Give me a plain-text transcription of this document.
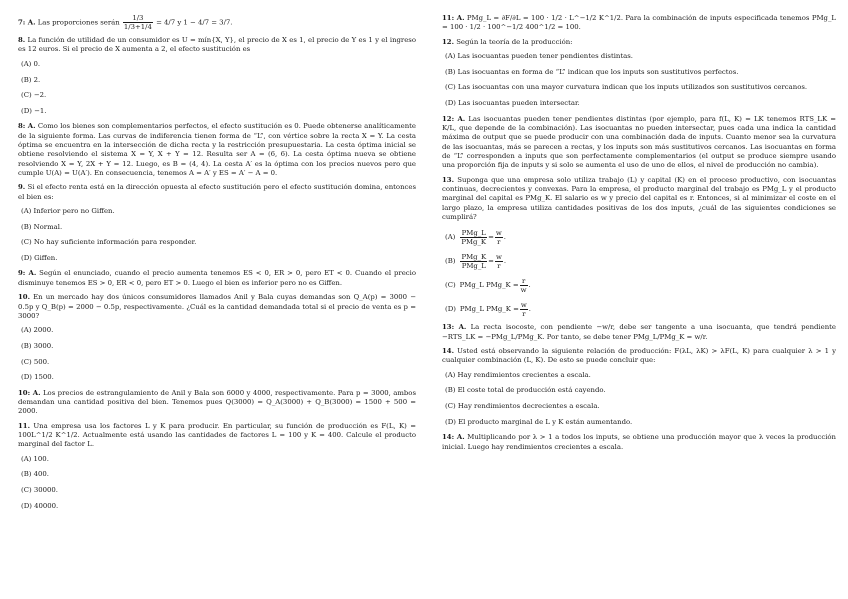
7: A. Las proporciones serán $\frac{1/3}{1/3+1/4} = 4/7$ y 1 − 4/7 = 3/7.

8. La función de utilidad de un consumidor es U = mín{X, Y}, el precio de X es 1, el precio de Y es 1 y el ingreso es 12 euros. Si el precio de X aumenta a 2, el efecto sustitución es

(A) 0.
(B) 2.
(C) −2.
(D) −1.

8: A. Como los bienes son complementarios perfectos, el efecto sustitución es 0. Puede obtenerse analíticamente de la siguiente forma. Las curvas de indiferencia tienen forma de “L”, con vértice sobre la recta X = Y. La cesta óptima se encuentra en la intersección de dicha recta y la restricción presupuestaria. La cesta óptima inicial se obtiene resolviendo el sistema X = Y, X + Y = 12. Resulta ser A = (6, 6). La cesta óptima nueva se obtiene resolviendo X = Y, 2X + Y = 12. Luego, es B = (4, 4). La cesta A′ es la óptima con los precios nuevos pero que cumple U(A) = U(A′). En consecuencia, tenemos A = A′ y ES = A′ − A = 0.

9. Si el efecto renta está en la dirección opuesta al efecto sustitución pero el efecto sustitución domina, entonces el bien es:

(A) Inferior pero no Giffen.
(B) Normal.
(C) No hay suficiente información para responder.
(D) Giffen.

9: A. Según el enunciado, cuando el precio aumenta tenemos ES < 0, ER > 0, pero ET < 0. Cuando el precio disminuye tenemos ES > 0, ER < 0, pero ET > 0. Luego el bien es inferior pero no es Giffen.

10. En un mercado hay dos únicos consumidores llamados Anil y Bala cuyas demandas son Q_A(p) = 3000 − 0.5p y Q_B(p) = 2000 − 0.5p, respectivamente. ¿Cuál es la cantidad demandada total si el precio de venta es p = 3000?

(A) 2000.
(B) 3000.
(C) 500.
(D) 1500.

10: A. Los precios de estrangulamiento de Anil y Bala son 6000 y 4000, respectivamente. Para p = 3000, ambos demandan una cantidad positiva del bien. Tenemos pues Q(3000) = Q_A(3000) + Q_B(3000) = 1500 + 500 = 2000.

11. Una empresa usa los factores L y K para producir. En particular, su función de producción es F(L, K) = 100L^1/2 K^1/2. Actualmente está usando las cantidades de factores L = 100 y K = 400. Calcule el producto marginal del factor L.

(A) 100.
(B) 400.
(C) 30000.
(D) 40000.

11: A. PMg_L = ∂F/∂L = 100 · 1/2 · L^−1/2 K^1/2. Para la combinación de inputs especificada tenemos PMg_L = 100 · 1/2 · 100^−1/2 400^1/2 = 100.

12. Según la teoría de la producción:

(A) Las isocuantas pueden tener pendientes distintas.
(B) Las isocuantas en forma de “L” indican que los inputs son sustitutivos perfectos.
(C) Las isocuantas con una mayor curvatura indican que los inputs utilizados son sustitutivos cercanos.
(D) Las isocuantas pueden intersectar.

12: A. Las isocuantas pueden tener pendientes distintas (por ejemplo, para f(L, K) = LK tenemos RTS_LK = K/L, que depende de la combinación). Las isocuantas no pueden intersectar, pues cada una indica la cantidad máxima de output que se puede producir con una combinación dada de inputs. Cuanto menor sea la curvatura de las isocuantas, más se parecen a rectas, y los inputs son más sustitutivos cercanos. Las isocuantas en forma de “L” corresponden a inputs que son perfectamente complementarios (el output se produce siempre usando una proporción fija de inputs y si solo se aumenta el uso de uno de ellos, el nivel de producción no cambia).

13. Suponga que una empresa solo utiliza trabajo (L) y capital (K) en el proceso productivo, con isocuantas continuas, decrecientes y convexas. Para la empresa, el producto marginal del trabajo es PMg_L y el producto marginal del capital es PMg_K. El salario es w y precio del capital es r. Entonces, si al minimizar el coste en el largo plazo, la empresa utiliza cantidades positivas de los dos inputs, ¿cuál de las siguientes condiciones se cumplirá?

$(A) \frac{\text{PMg\_L}}{\text{PMg\_K}} = \frac{w}{r}$ .
$(B) \frac{\text{PMg\_K}}{\text{PMg\_L}} = \frac{w}{r}$ .
(C) PMg_L PMg_K = $\frac{r}{w}$ .
(D) PMg_L PMg_K = $\frac{w}{r}$ .

13: A. La recta isocoste, con pendiente −w/r, debe ser tangente a una isocuanta, que tendrá pendiente −RTS_LK = −PMg_L/PMg_K. Por tanto, se debe tener PMg_L/PMg_K = w/r.

14. Usted está observando la siguiente relación de producción: F(λL, λK) > λF(L, K) para cualquier λ > 1 y cualquier combinación (L, K). De esto se puede concluir que:

(A) Hay rendimientos crecientes a escala.
(B) El coste total de producción está cayendo.
(C) Hay rendimientos decrecientes a escala.
(D) El producto marginal de L y K están aumentando.

14: A. Multiplicando por λ > 1 a todos los inputs, se obtiene una producción mayor que λ veces la producción inicial. Luego hay rendimientos crecientes a escala.
